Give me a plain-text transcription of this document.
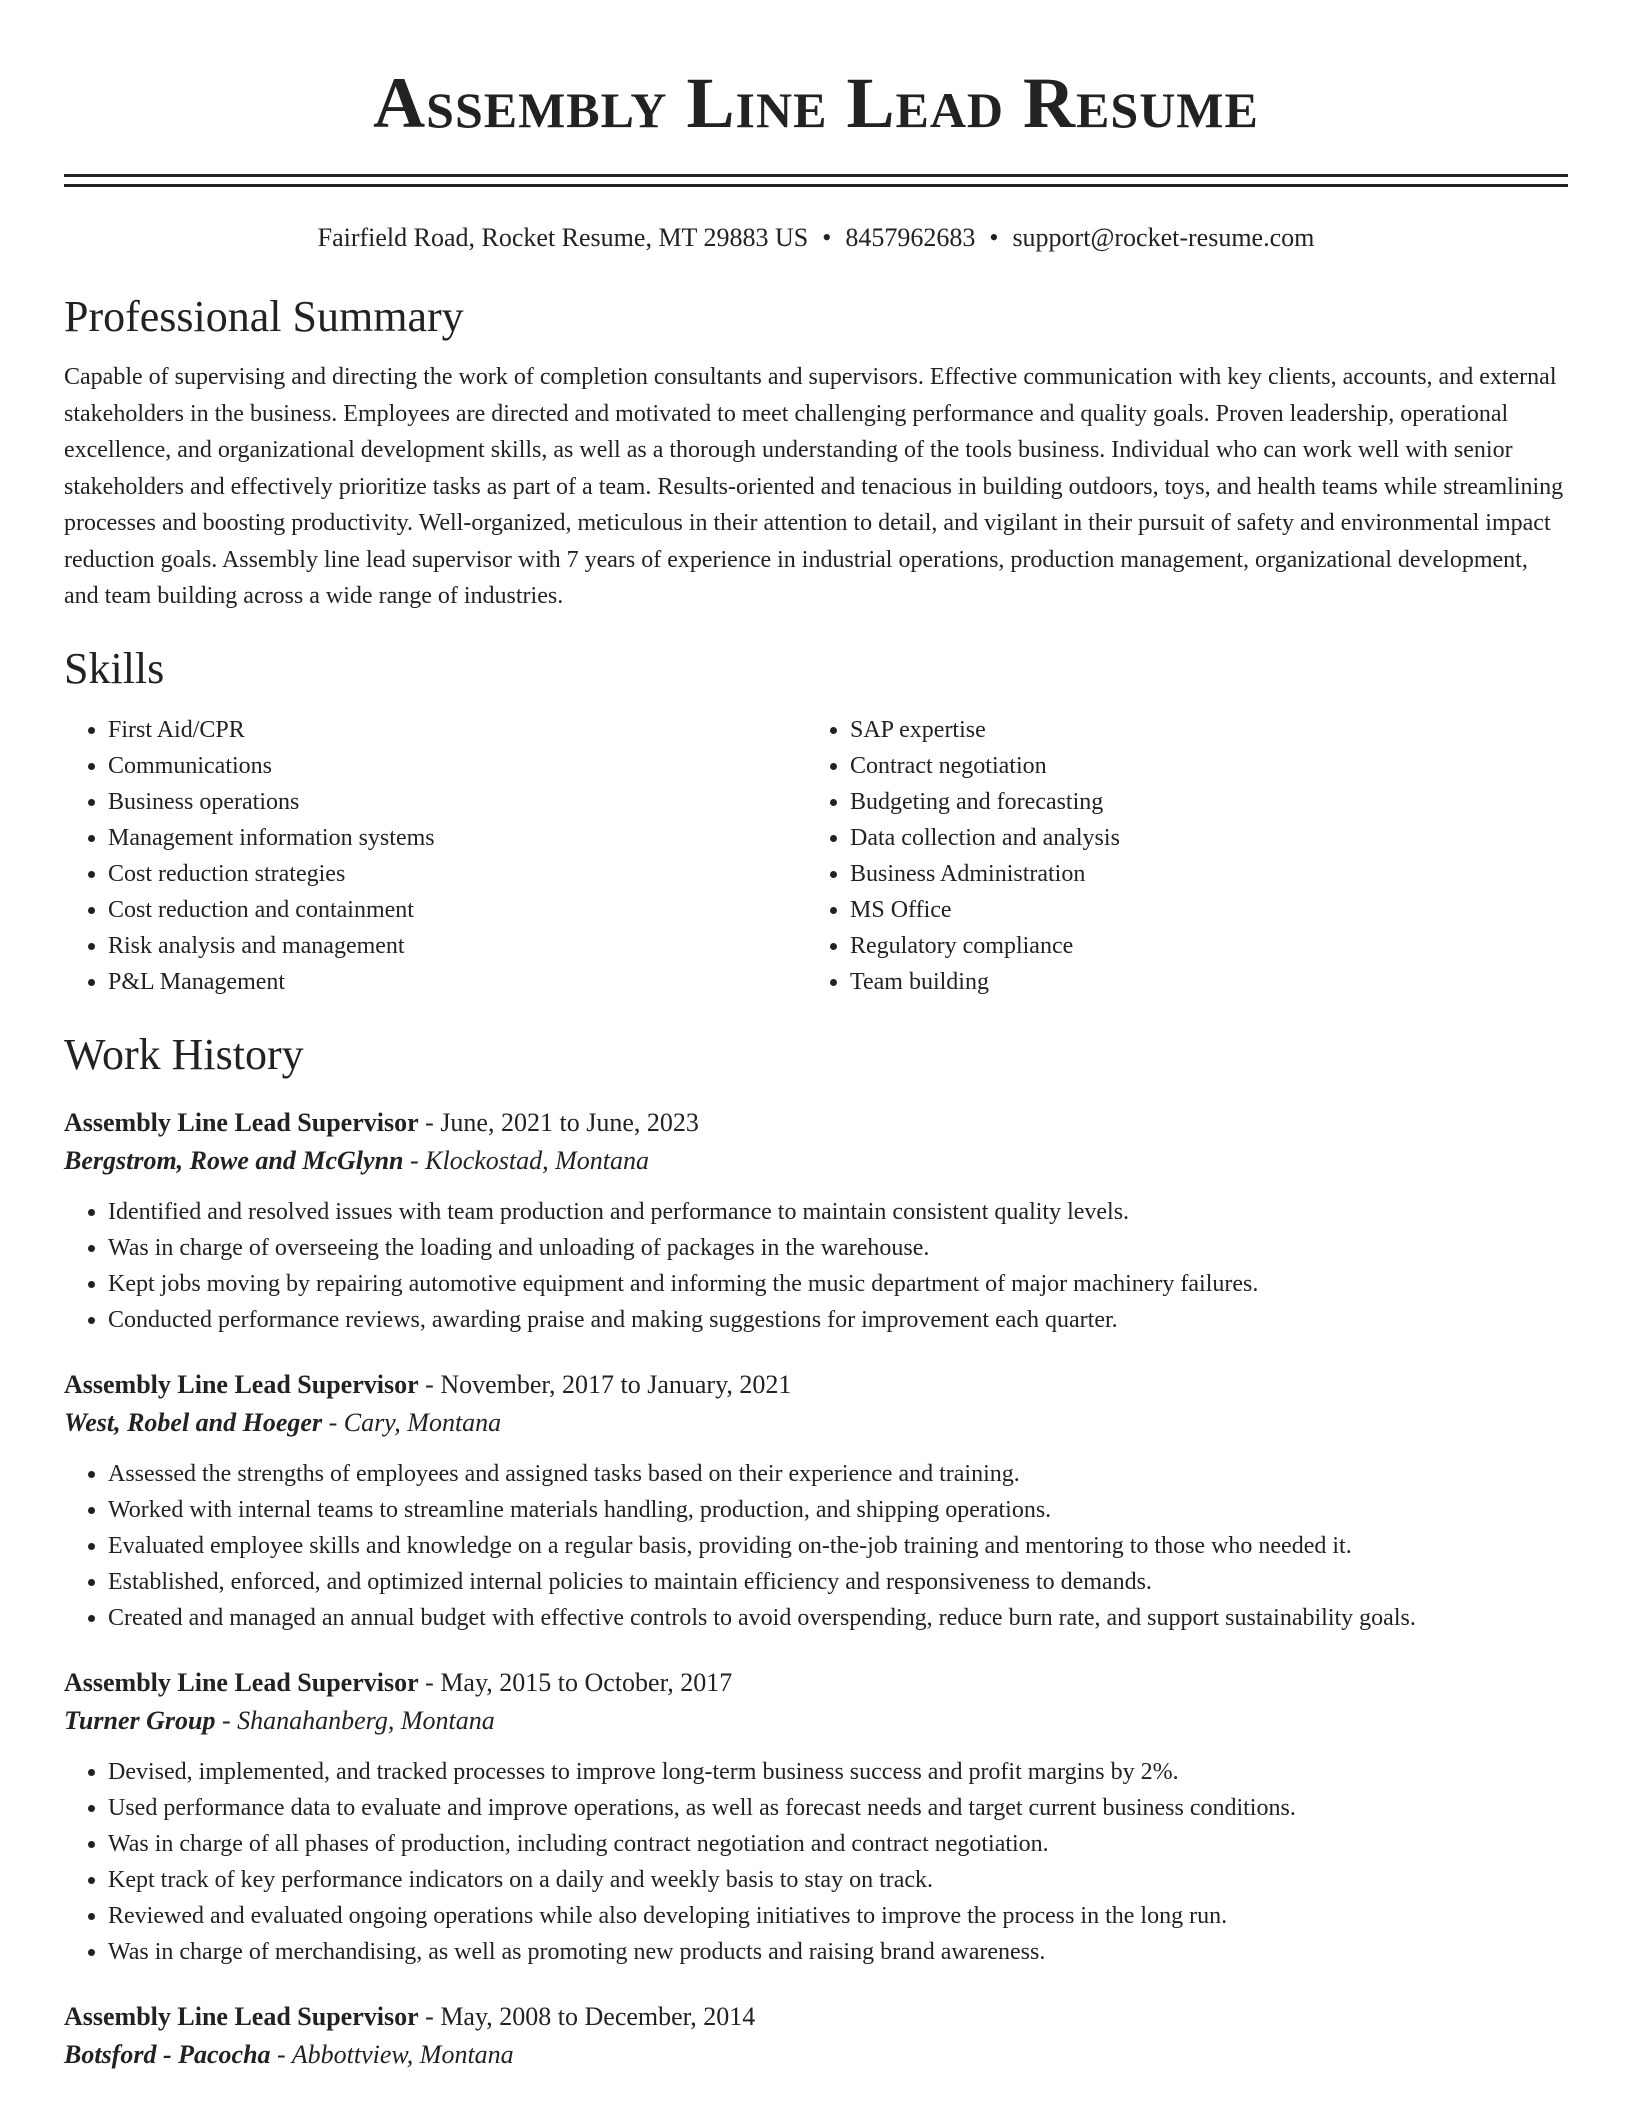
Assembly Line Lead Resume
Fairfield Road, Rocket Resume, MT 29883 US • 8457962683 • support@rocket-resume.com
Professional Summary

Capable of supervising and directing the work of completion consultants and supervisors. Effective communication with key clients, accounts, and external stakeholders in the business. Employees are directed and motivated to meet challenging performance and quality goals. Proven leadership, operational excellence, and organizational development skills, as well as a thorough understanding of the tools business. Individual who can work well with senior stakeholders and effectively prioritize tasks as part of a team. Results-oriented and tenacious in building outdoors, toys, and health teams while streamlining processes and boosting productivity. Well-organized, meticulous in their attention to detail, and vigilant in their pursuit of safety and environmental impact reduction goals. Assembly line lead supervisor with 7 years of experience in industrial operations, production management, organizational development, and team building across a wide range of industries.

Skills
• First Aid/CPR
• Communications
• Business operations
• Management information systems
• Cost reduction strategies
• Cost reduction and containment
• Risk analysis and management
• P&L Management
• SAP expertise
• Contract negotiation
• Budgeting and forecasting
• Data collection and analysis
• Business Administration
• MS Office
• Regulatory compliance
• Team building
Work History

Assembly Line Lead Supervisor - June, 2021 to June, 2023

Bergstrom, Rowe and McGlynn - Klockostad, Montana

• Identified and resolved issues with team production and performance to maintain consistent quality levels.
• Was in charge of overseeing the loading and unloading of packages in the warehouse.
• Kept jobs moving by repairing automotive equipment and informing the music department of major machinery failures.
• Conducted performance reviews, awarding praise and making suggestions for improvement each quarter.

Assembly Line Lead Supervisor - November, 2017 to January, 2021

West, Robel and Hoeger - Cary, Montana

• Assessed the strengths of employees and assigned tasks based on their experience and training.
• Worked with internal teams to streamline materials handling, production, and shipping operations.
• Evaluated employee skills and knowledge on a regular basis, providing on-the-job training and mentoring to those who needed it.
• Established, enforced, and optimized internal policies to maintain efficiency and responsiveness to demands.
• Created and managed an annual budget with effective controls to avoid overspending, reduce burn rate, and support sustainability goals.

Assembly Line Lead Supervisor - May, 2015 to October, 2017

Turner Group - Shanahanberg, Montana

• Devised, implemented, and tracked processes to improve long-term business success and profit margins by 2%.
• Used performance data to evaluate and improve operations, as well as forecast needs and target current business conditions.
• Was in charge of all phases of production, including contract negotiation and contract negotiation.
• Kept track of key performance indicators on a daily and weekly basis to stay on track.
• Reviewed and evaluated ongoing operations while also developing initiatives to improve the process in the long run.
• Was in charge of merchandising, as well as promoting new products and raising brand awareness.

Assembly Line Lead Supervisor - May, 2008 to December, 2014

Botsford - Pacocha - Abbottview, Montana
